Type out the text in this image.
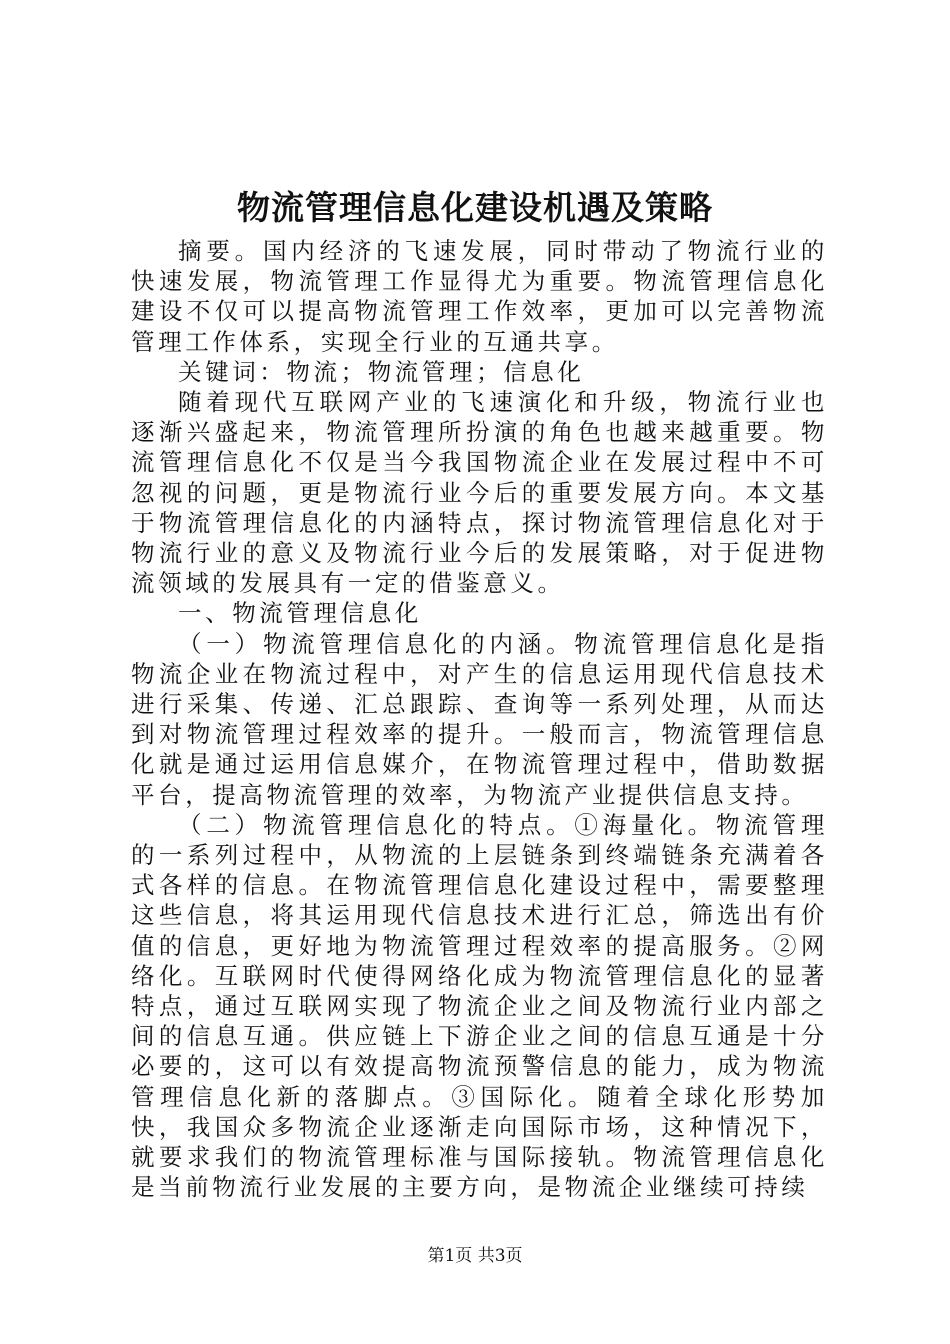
物流管理信息化建设机遇及策略

摘要。国内经济的飞速发展，同时带动了物流行业的快速发展，物流管理工作显得尤为重要。物流管理信息化建设不仅可以提高物流管理工作效率，更加可以完善物流管理工作体系，实现全行业的互通共享。

关键词：物流；物流管理；信息化

随着现代互联网产业的飞速演化和升级，物流行业也逐渐兴盛起来，物流管理所扮演的角色也越来越重要。物流管理信息化不仅是当今我国物流企业在发展过程中不可忽视的问题，更是物流行业今后的重要发展方向。本文基于物流管理信息化的内涵特点，探讨物流管理信息化对于物流行业的意义及物流行业今后的发展策略，对于促进物流领域的发展具有一定的借鉴意义。

一、物流管理信息化

（一）物流管理信息化的内涵。物流管理信息化是指物流企业在物流过程中，对产生的信息运用现代信息技术进行采集、传递、汇总跟踪、查询等一系列处理，从而达到对物流管理过程效率的提升。一般而言，物流管理信息化就是通过运用信息媒介，在物流管理过程中，借助数据平台，提高物流管理的效率，为物流产业提供信息支持。

（二）物流管理信息化的特点。①海量化。物流管理的一系列过程中，从物流的上层链条到终端链条充满着各式各样的信息。在物流管理信息化建设过程中，需要整理这些信息，将其运用现代信息技术进行汇总，筛选出有价值的信息，更好地为物流管理过程效率的提高服务。②网络化。互联网时代使得网络化成为物流管理信息化的显著特点，通过互联网实现了物流企业之间及物流行业内部之间的信息互通。供应链上下游企业之间的信息互通是十分必要的，这可以有效提高物流预警信息的能力，成为物流管理信息化新的落脚点。③国际化。随着全球化形势加快，我国众多物流企业逐渐走向国际市场，这种情况下，就要求我们的物流管理标准与国际接轨。物流管理信息化是当前物流行业发展的主要方向，是物流企业继续可持续

第1页 共3页
